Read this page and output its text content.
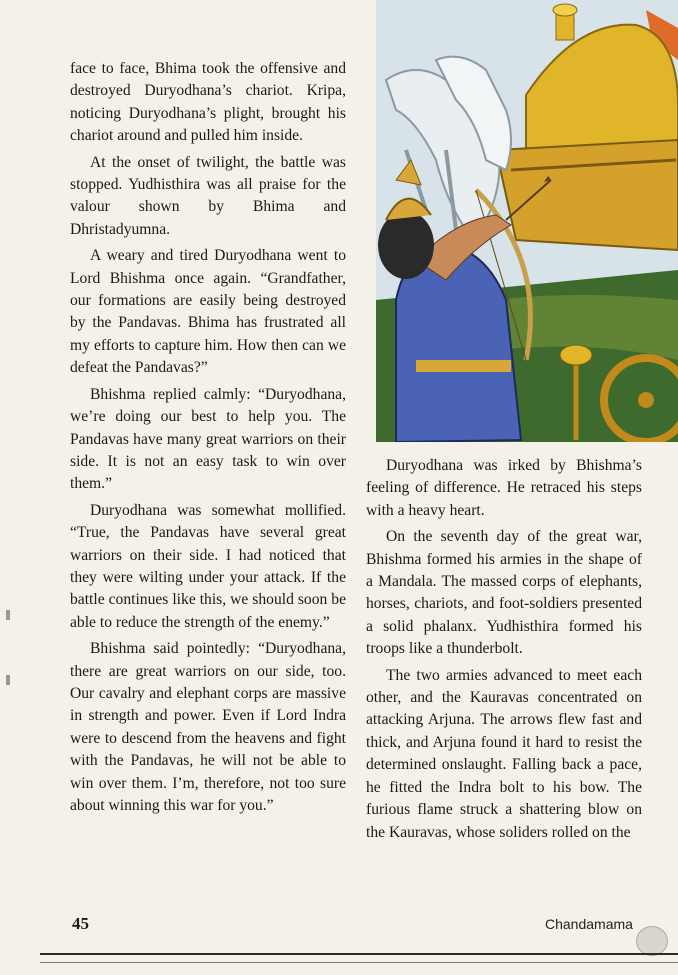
face to face, Bhima took the offensive and destroyed Duryodhana’s chariot. Kripa, noticing Duryodhana’s plight, brought his chariot around and pulled him inside.

At the onset of twilight, the battle was stopped. Yudhisthira was all praise for the valour shown by Bhima and Dhristadyumna.

A weary and tired Duryodhana went to Lord Bhishma once again. “Grandfather, our formations are easily being destroyed by the Pandavas. Bhima has frustrated all my efforts to capture him. How then can we defeat the Pandavas?”

Bhishma replied calmly: “Duryodhana, we’re doing our best to help you. The Pandavas have many great warriors on their side. It is not an easy task to win over them.”

Duryodhana was somewhat mollified. “True, the Pandavas have several great warriors on their side. I had noticed that they were wilting under your attack. If the battle continues like this, we should soon be able to reduce the strength of the enemy.”

Bhishma said pointedly: “Duryodhana, there are great warriors on our side, too. Our cavalry and elephant corps are massive in strength and power. Even if Lord Indra were to descend from the heavens and fight with the Pandavas, he will not be able to win over them. I’m, therefore, not too sure about winning this war for you.”

Duryodhana was irked by Bhishma’s feeling of difference. He retraced his steps with a heavy heart.

On the seventh day of the great war, Bhishma formed his armies in the shape of a Mandala. The massed corps of elephants, horses, chariots, and foot-soldiers presented a solid phalanx. Yudhisthira formed his troops like a thunderbolt.

The two armies advanced to meet each other, and the Kauravas concentrated on attacking Arjuna. The arrows flew fast and thick, and Arjuna found it hard to resist the determined onslaught. Falling back a pace, he fitted the Indra bolt to his bow. The furious flame struck a shattering blow on the Kauravas, whose soliders rolled on the

45	Chandamama
